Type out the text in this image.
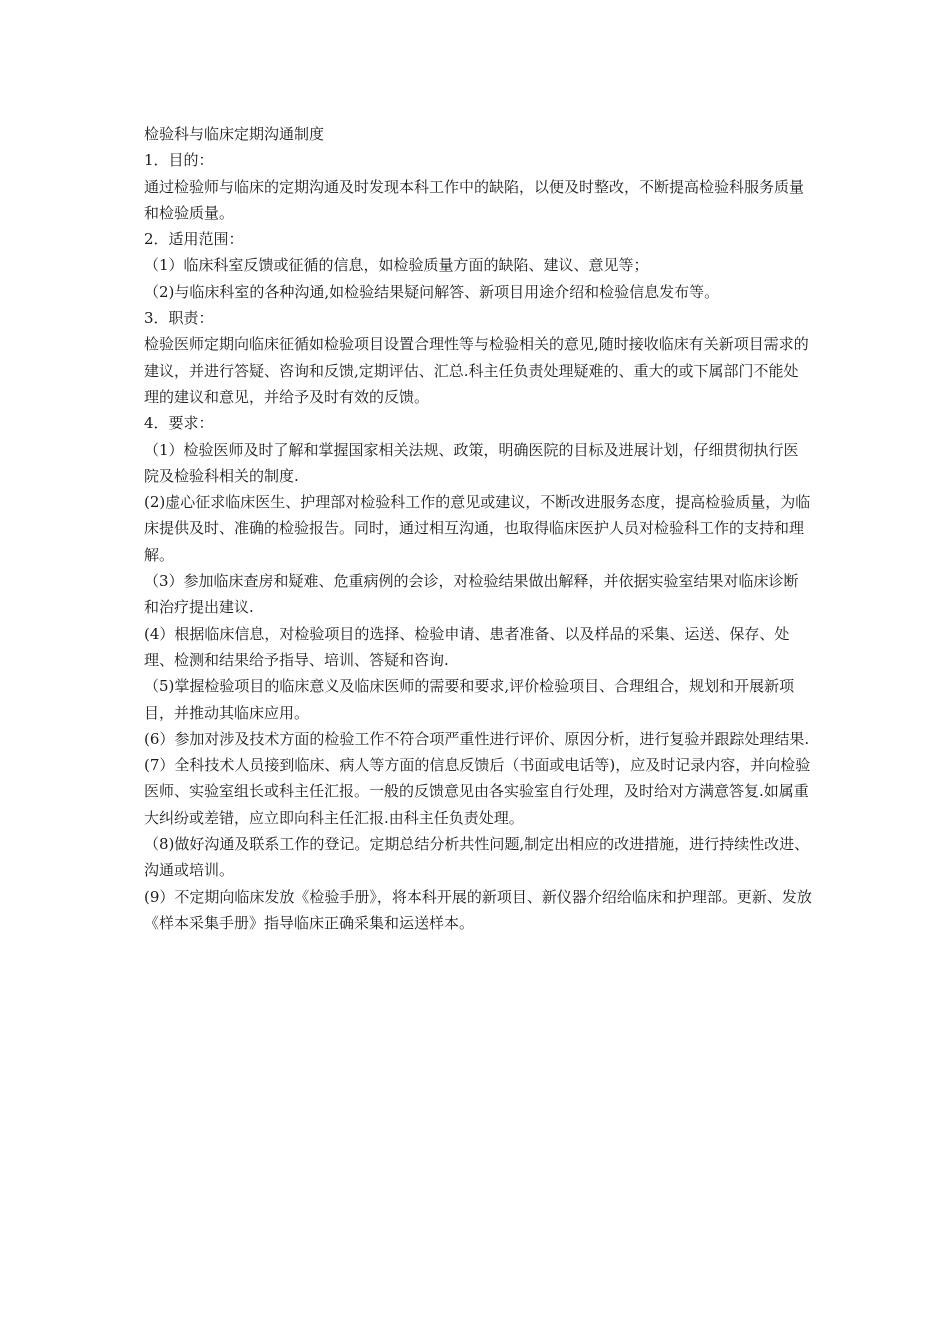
检验科与临床定期沟通制度

1．目的：

通过检验师与临床的定期沟通及时发现本科工作中的缺陷，以便及时整改，不断提高检验科服务质量和检验质量。

2．适用范围：

（1）临床科室反馈或征循的信息，如检验质量方面的缺陷、建议、意见等；

（2)与临床科室的各种沟通,如检验结果疑问解答、新项目用途介绍和检验信息发布等。

3．职责：

检验医师定期向临床征循如检验项目设置合理性等与检验相关的意见,随时接收临床有关新项目需求的建议，并进行答疑、咨询和反馈,定期评估、汇总.科主任负责处理疑难的、重大的或下属部门不能处理的建议和意见，并给予及时有效的反馈。

4．要求：

（1）检验医师及时了解和掌握国家相关法规、政策，明确医院的目标及进展计划，仔细贯彻执行医院及检验科相关的制度.

(2)虚心征求临床医生、护理部对检验科工作的意见或建议，不断改进服务态度，提高检验质量，为临床提供及时、准确的检验报告。同时，通过相互沟通，也取得临床医护人员对检验科工作的支持和理解。

（3）参加临床查房和疑难、危重病例的会诊，对检验结果做出解释，并依据实验室结果对临床诊断和治疗提出建议.

(4）根据临床信息，对检验项目的选择、检验申请、患者准备、以及样品的采集、运送、保存、处理、检测和结果给予指导、培训、答疑和咨询.

（5)掌握检验项目的临床意义及临床医师的需要和要求,评价检验项目、合理组合，规划和开展新项目，并推动其临床应用。

(6）参加对涉及技术方面的检验工作不符合项严重性进行评价、原因分析，进行复验并跟踪处理结果.

(7）全科技术人员接到临床、病人等方面的信息反馈后（书面或电话等)，应及时记录内容，并向检验医师、实验室组长或科主任汇报。一般的反馈意见由各实验室自行处理，及时给对方满意答复.如属重大纠纷或差错，应立即向科主任汇报.由科主任负责处理。

（8)做好沟通及联系工作的登记。定期总结分析共性问题,制定出相应的改进措施，进行持续性改进、沟通或培训。

(9）不定期向临床发放《检验手册》，将本科开展的新项目、新仪器介绍给临床和护理部。更新、发放《样本采集手册》指导临床正确采集和运送样本。
